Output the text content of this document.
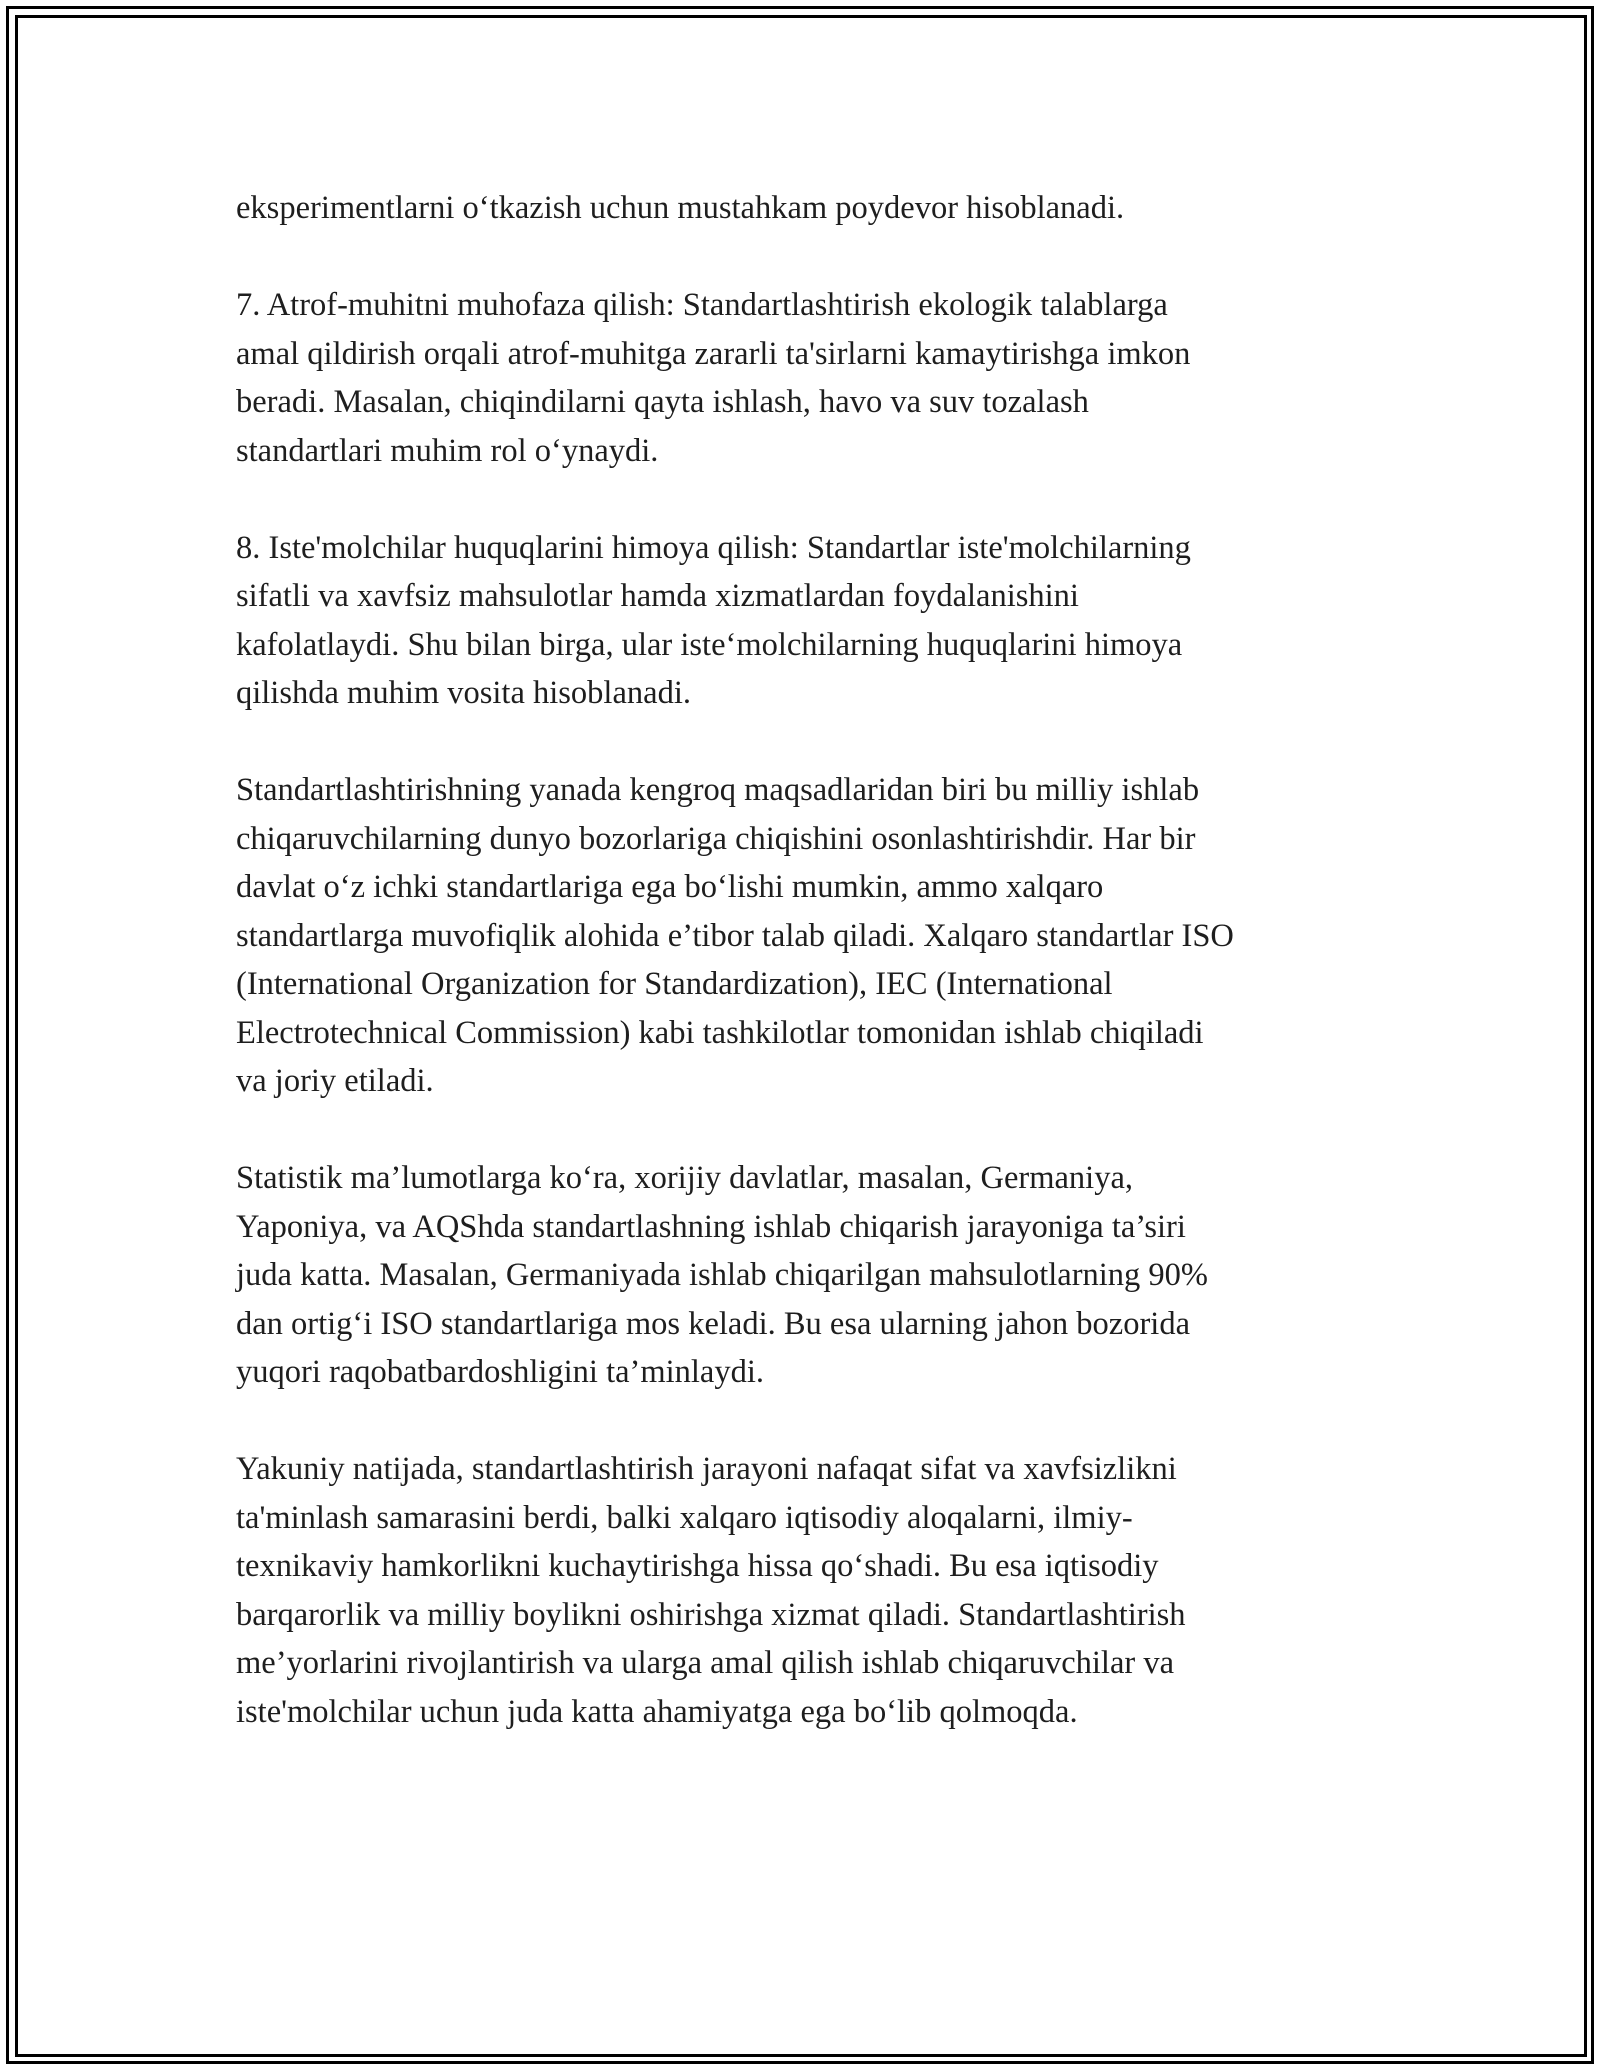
eksperimentlarni o‘tkazish uchun mustahkam poydevor hisoblanadi.

7. Atrof-muhitni muhofaza qilish: Standartlashtirish ekologik talablarga
amal qildirish orqali atrof-muhitga zararli ta'sirlarni kamaytirishga imkon
beradi. Masalan, chiqindilarni qayta ishlash, havo va suv tozalash
standartlari muhim rol o‘ynaydi.

8. Iste'molchilar huquqlarini himoya qilish: Standartlar iste'molchilarning
sifatli va xavfsiz mahsulotlar hamda xizmatlardan foydalanishini
kafolatlaydi. Shu bilan birga, ular iste‘molchilarning huquqlarini himoya
qilishda muhim vosita hisoblanadi.

Standartlashtirishning yanada kengroq maqsadlaridan biri bu milliy ishlab
chiqaruvchilarning dunyo bozorlariga chiqishini osonlashtirishdir. Har bir
davlat o‘z ichki standartlariga ega bo‘lishi mumkin, ammo xalqaro
standartlarga muvofiqlik alohida e’tibor talab qiladi. Xalqaro standartlar ISO
(International Organization for Standardization), IEC (International
Electrotechnical Commission) kabi tashkilotlar tomonidan ishlab chiqiladi
va joriy etiladi.

Statistik ma’lumotlarga ko‘ra, xorijiy davlatlar, masalan, Germaniya,
Yaponiya, va AQShda standartlashning ishlab chiqarish jarayoniga ta’siri
juda katta. Masalan, Germaniyada ishlab chiqarilgan mahsulotlarning 90%
dan ortig‘i ISO standartlariga mos keladi. Bu esa ularning jahon bozorida
yuqori raqobatbardoshligini ta’minlaydi.

Yakuniy natijada, standartlashtirish jarayoni nafaqat sifat va xavfsizlikni
ta'minlash samarasini berdi, balki xalqaro iqtisodiy aloqalarni, ilmiy-
texnikaviy hamkorlikni kuchaytirishga hissa qo‘shadi. Bu esa iqtisodiy
barqarorlik va milliy boylikni oshirishga xizmat qiladi. Standartlashtirish
me’yorlarini rivojlantirish va ularga amal qilish ishlab chiqaruvchilar va
iste'molchilar uchun juda katta ahamiyatga ega bo‘lib qolmoqda.
